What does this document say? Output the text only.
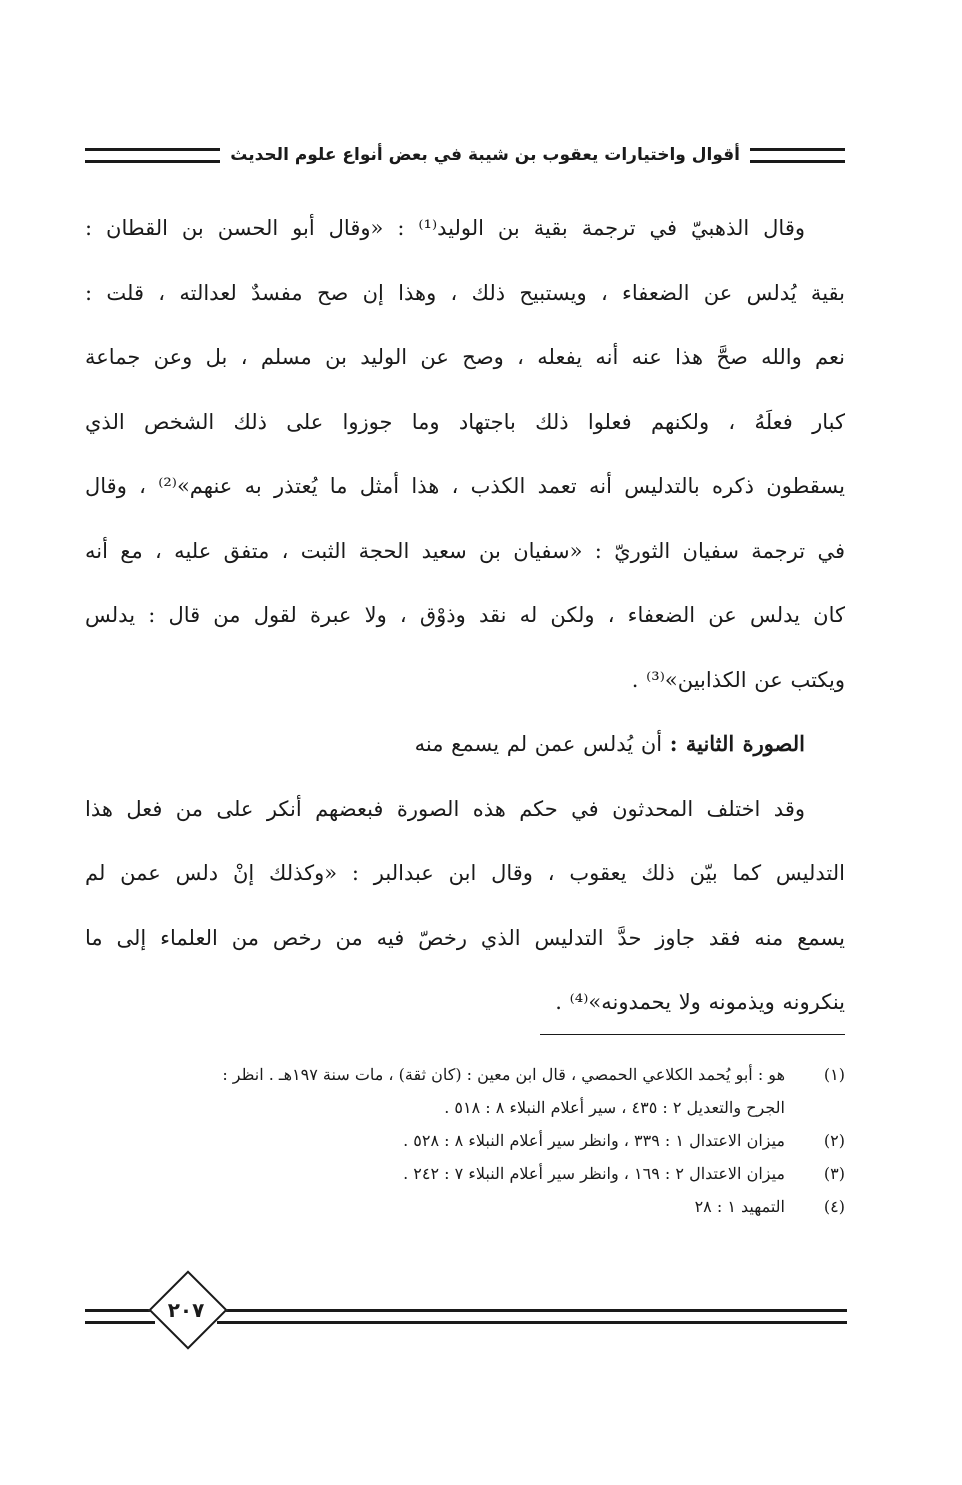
أقوال واختيارات يعقوب بن شيبة في بعض أنواع علوم الحديث
وقال الذهبيّ في ترجمة بقية بن الوليد⁽¹⁾ : «وقال أبو الحسن بن القطان :
بقية يُدلس عن الضعفاء ، ويستبيح ذلك ، وهذا إن صح مفسدٌ لعدالته ، قلت :
نعم والله صحَّ هذا عنه أنه يفعله ، وصح عن الوليد بن مسلم ، بل وعن جماعة
كبار فعلَهُ ، ولكنهم فعلوا ذلك باجتهاد وما جوزوا على ذلك الشخص الذي
يسقطون ذكره بالتدليس أنه تعمد الكذب ، هذا أمثل ما يُعتذر به عنهم»⁽²⁾ ، وقال
في ترجمة سفيان الثوريّ : «سفيان بن سعيد الحجة الثبت ، متفق عليه ، مع أنه
كان يدلس عن الضعفاء ، ولكن له نقد وذوْق ، ولا عبرة لقول من قال : يدلس
ويكتب عن الكذابين»⁽³⁾ .
الصورة الثانية : أن يُدلس عمن لم يسمع منه
وقد اختلف المحدثون في حكم هذه الصورة فبعضهم أنكر على من فعل هذا
التدليس كما بيّن ذلك يعقوب ، وقال ابن عبدالبر : «وكذلك إنْ دلس عمن لم
يسمع منه فقد جاوز حدَّ التدليس الذي رخصّ فيه من رخص من العلماء إلى ما
ينكرونه ويذمونه ولا يحمدونه»⁽⁴⁾ .
(١)
هو : أبو يُحمد الكلاعي الحمصي ، قال ابن معين : (كان ثقة) ، مات سنة ١٩٧هـ . انظر :
الجرح والتعديل ٢ : ٤٣٥ ، سير أعلام النبلاء ٨ : ٥١٨ .
(٢)
ميزان الاعتدال ١ : ٣٣٩ ، وانظر سير أعلام النبلاء ٨ : ٥٢٨ .
(٣)
ميزان الاعتدال ٢ : ١٦٩ ، وانظر سير أعلام النبلاء ٧ : ٢٤٢ .
(٤)
التمهيد ١ : ٢٨
٢٠٧
